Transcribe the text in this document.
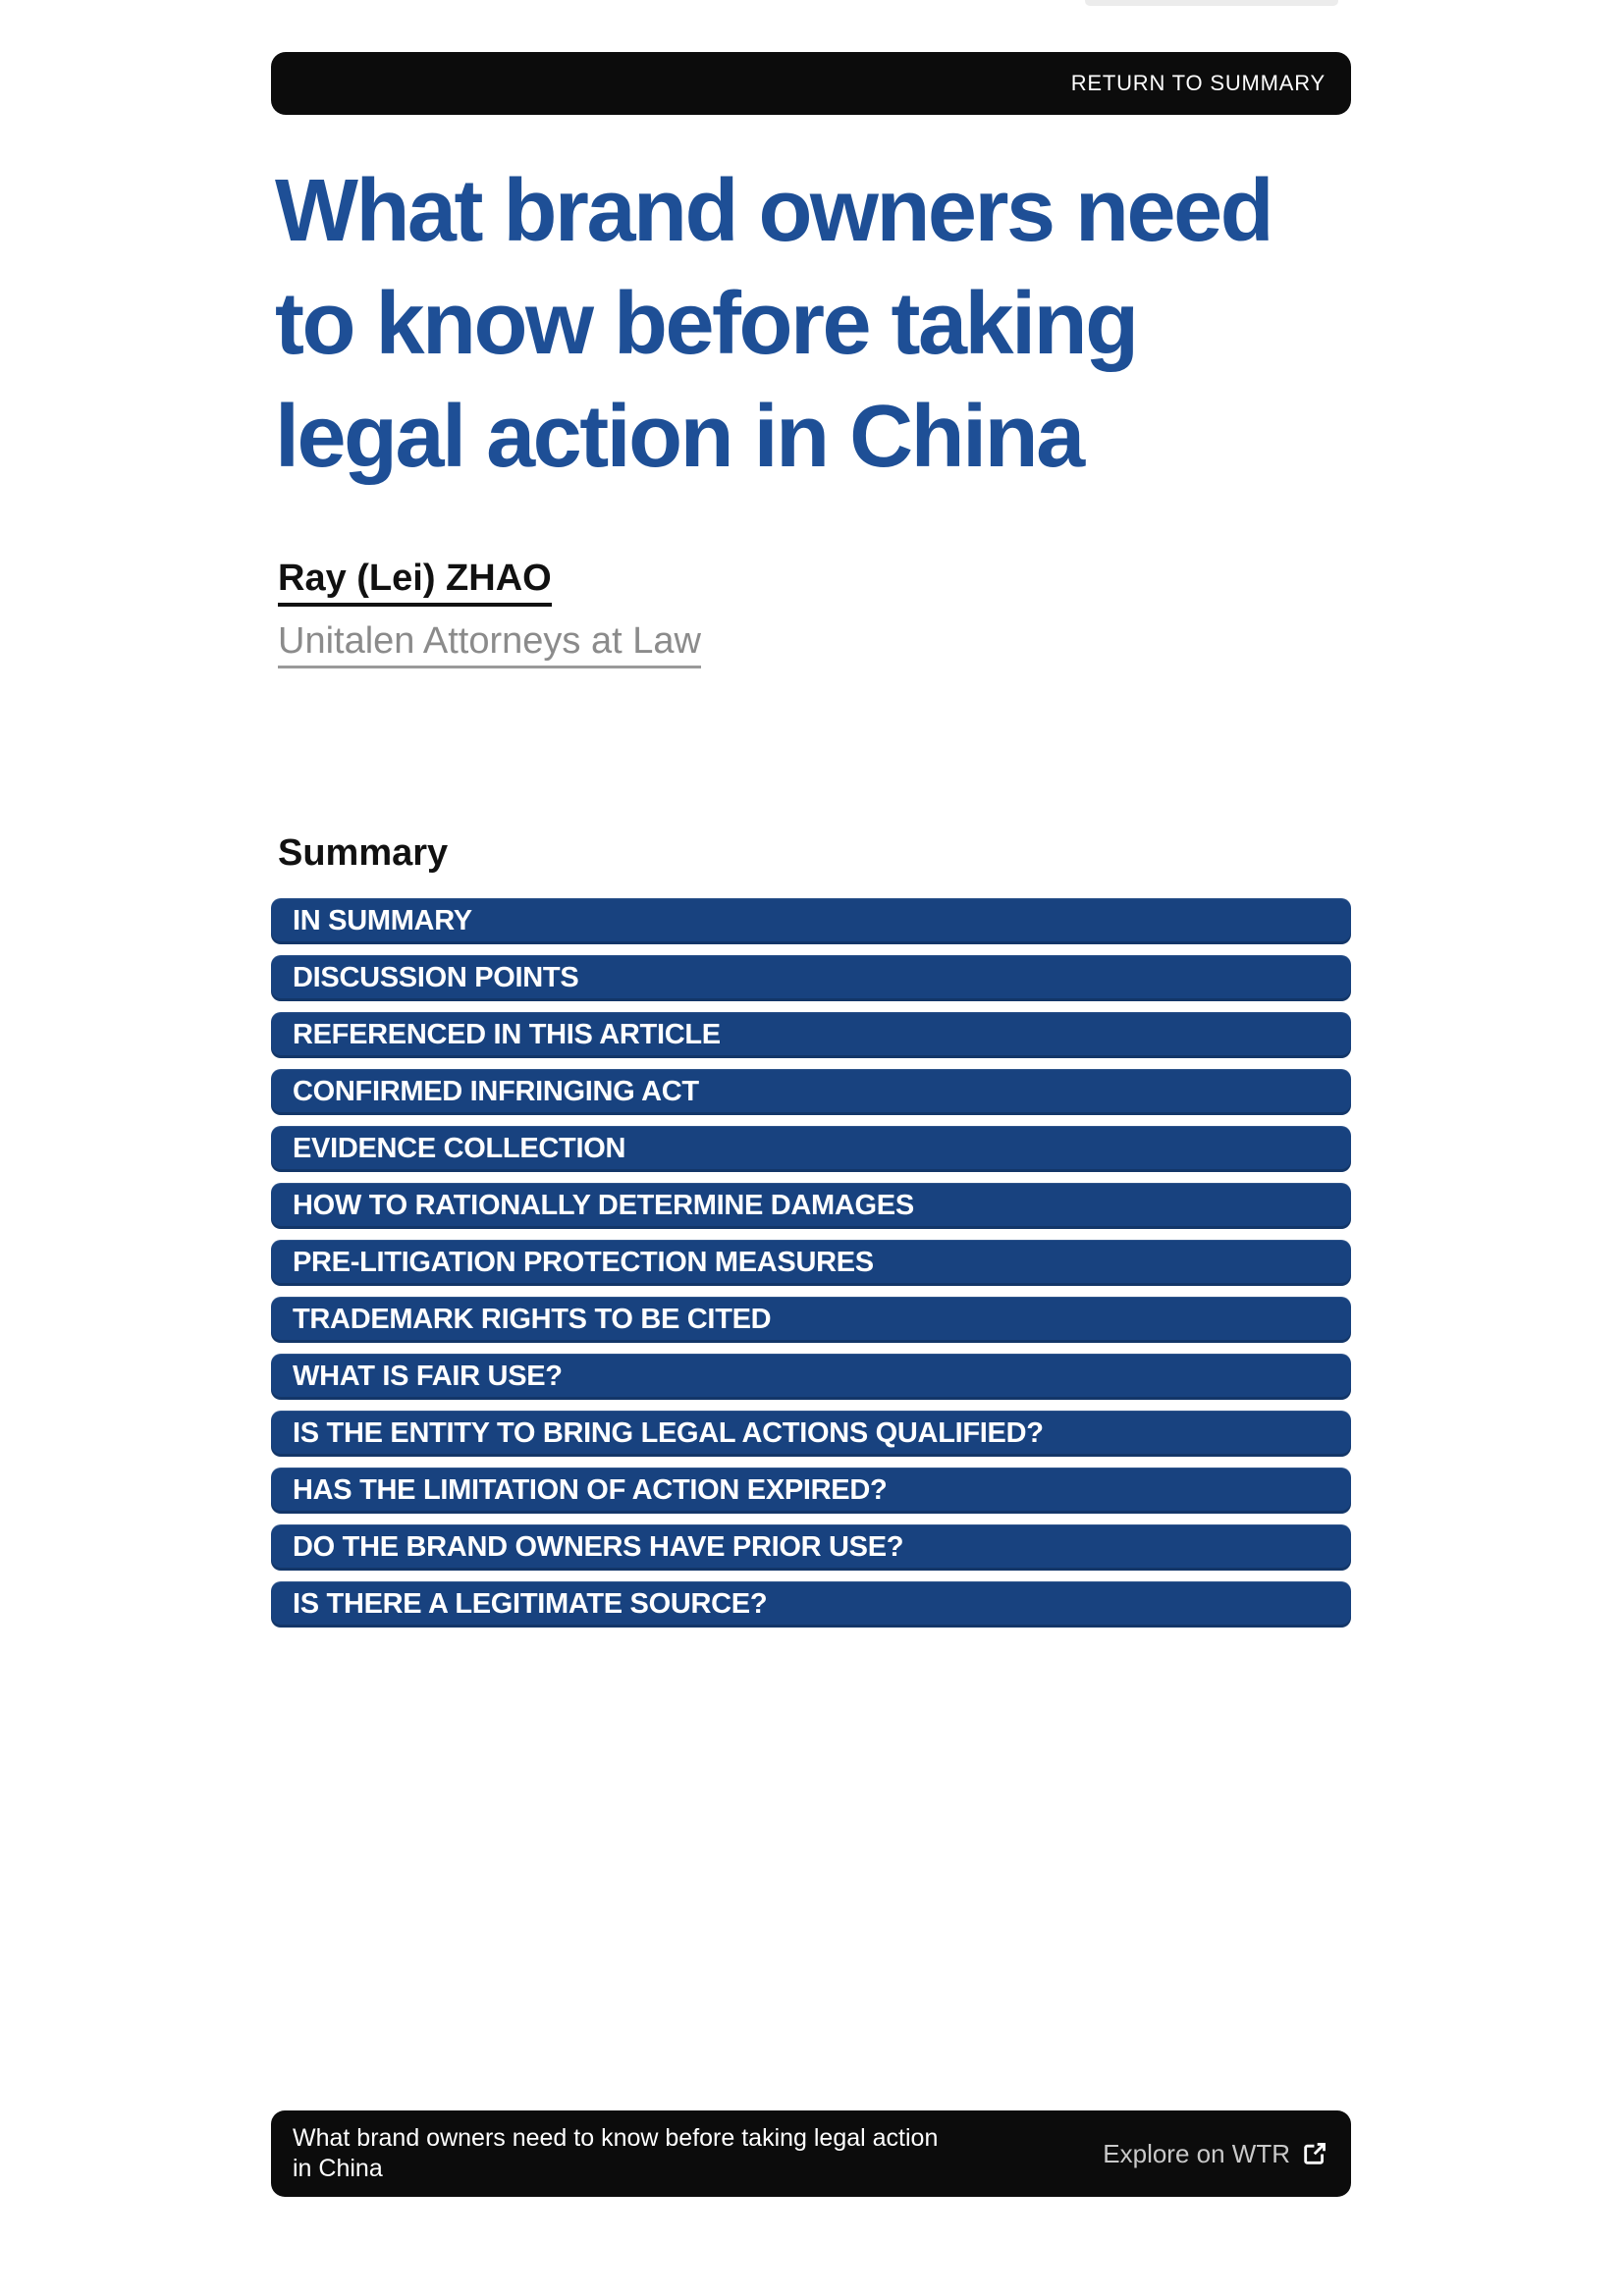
RETURN TO SUMMARY
What brand owners need
to know before taking
legal action in China
Ray (Lei) ZHAO
Unitalen Attorneys at Law
Summary
IN SUMMARY
DISCUSSION POINTS
REFERENCED IN THIS ARTICLE
CONFIRMED INFRINGING ACT
EVIDENCE COLLECTION
HOW TO RATIONALLY DETERMINE DAMAGES
PRE-LITIGATION PROTECTION MEASURES
TRADEMARK RIGHTS TO BE CITED
WHAT IS FAIR USE?
IS THE ENTITY TO BRING LEGAL ACTIONS QUALIFIED?
HAS THE LIMITATION OF ACTION EXPIRED?
DO THE BRAND OWNERS HAVE PRIOR USE?
IS THERE A LEGITIMATE SOURCE?
What brand owners need to know before taking legal action
in China
Explore on WTR
